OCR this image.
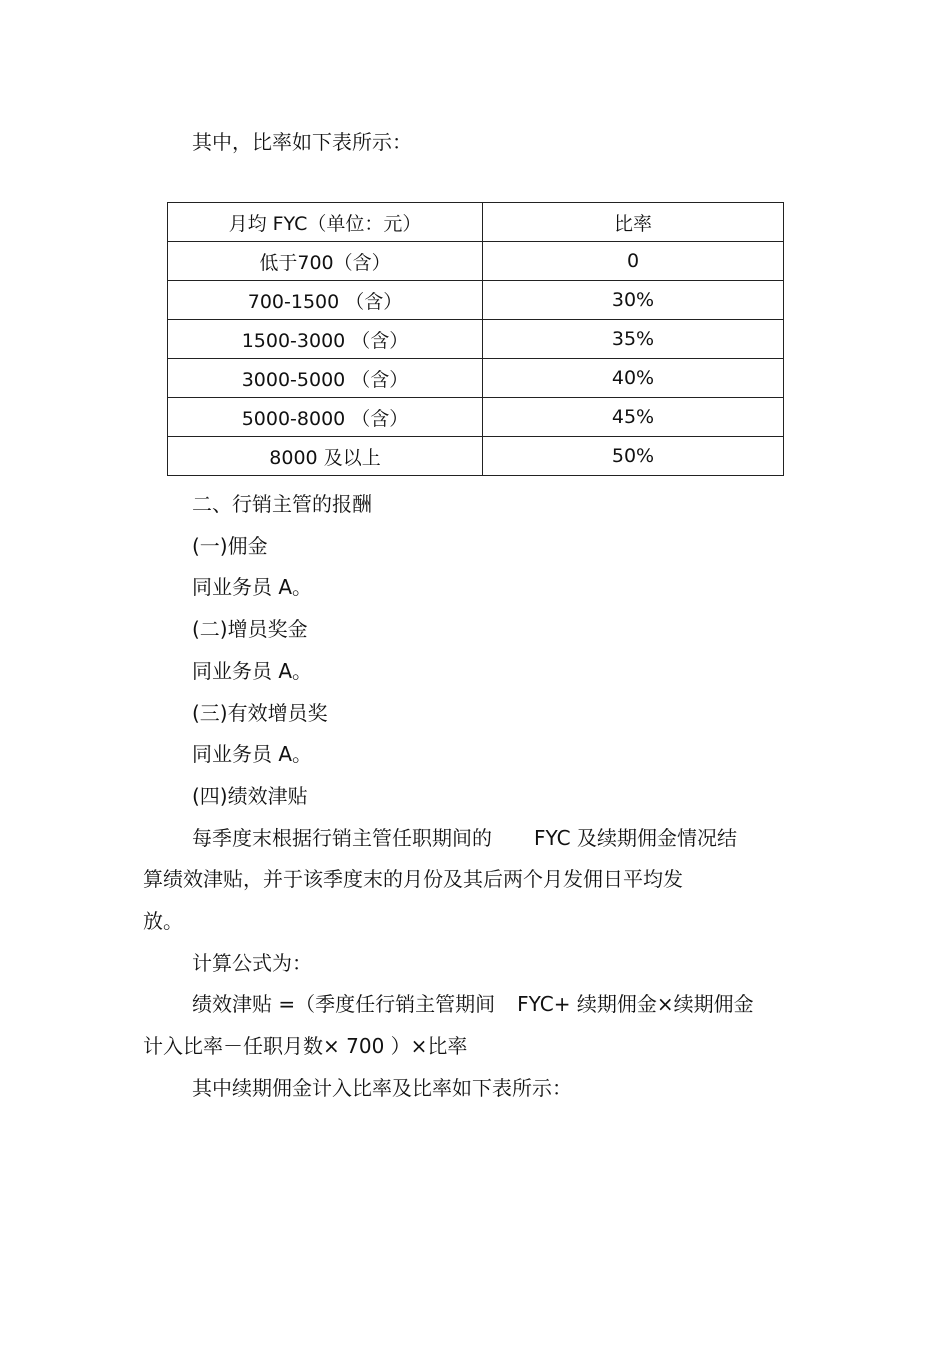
其中，比率如下表所示：
月均 FYC（单位：元）	比率
低于700（含）	0
700-1500 （含）	30%
1500-3000 （含）	35%
3000-5000 （含）	40%
5000-8000 （含）	45%
8000 及以上	50%
二、行销主管的报酬
(一)佣金
同业务员 A。
(二)增员奖金
同业务员 A。
(三)有效增员奖
同业务员 A。
(四)绩效津贴
每季度末根据行销主管任职期间的 FYC 及续期佣金情况结
算绩效津贴，并于该季度末的月份及其后两个月发佣日平均发
放。
计算公式为：
绩效津贴 =（季度任行销主管期间 FYC+ 续期佣金×续期佣金
计入比率－任职月数× 700 ）×比率
其中续期佣金计入比率及比率如下表所示：
